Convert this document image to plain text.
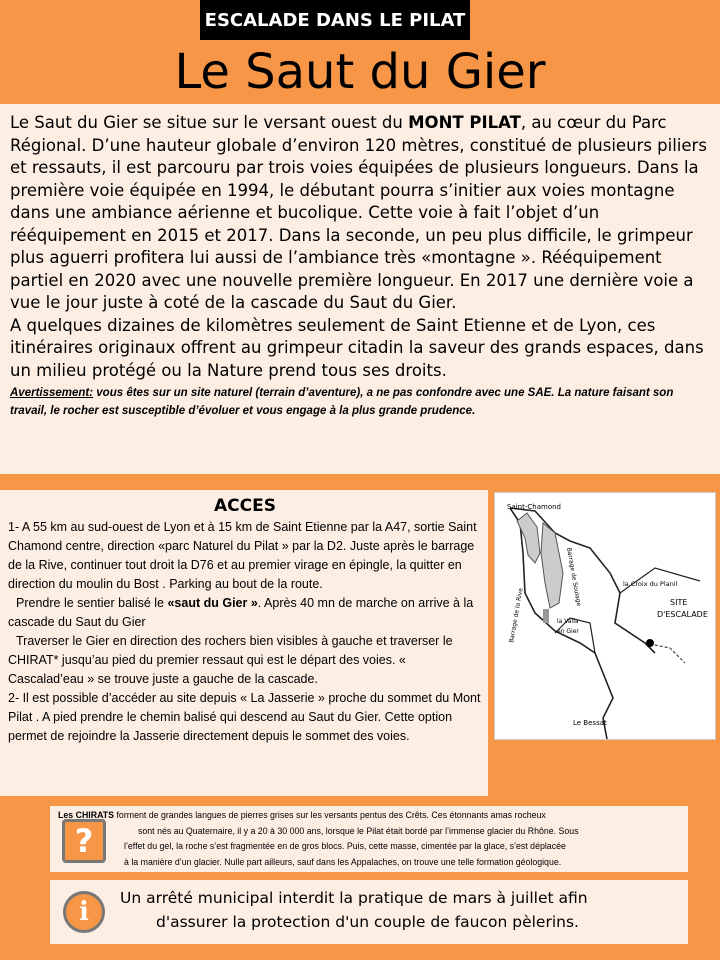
ESCALADE DANS LE PILAT
Le Saut du Gier

Le Saut du Gier se situe sur le versant ouest du MONT PILAT, au cœur du Parc Régional. D’une hauteur globale d’environ 120 mètres, constitué de plusieurs piliers et ressauts, il est parcouru par trois voies équipées de plusieurs longueurs. Dans la première voie équipée en 1994, le débutant pourra s’initier aux voies montagne dans une ambiance aérienne et bucolique. Cette voie à fait l’objet d’un rééquipement en 2015 et 2017. Dans la seconde, un peu plus difficile, le grimpeur plus aguerri profitera lui aussi de l’ambiance très «montagne ». Rééquipement partiel en 2020 avec une nouvelle première longueur. En 2017 une dernière voie a vue le jour juste à coté de la cascade du Saut du Gier.

A quelques dizaines de kilomètres seulement de Saint Etienne et de Lyon, ces itinéraires originaux offrent au grimpeur citadin la saveur des grands espaces, dans un milieu protégé ou la Nature prend tous ses droits.

Avertissement: vous êtes sur un site naturel (terrain d’aventure), a ne pas confondre avec une SAE. La nature faisant son travail, le rocher est susceptible d’évoluer et vous engage à la plus grande prudence.
ACCES

1- A 55 km au sud-ouest de Lyon et à 15 km de Saint Etienne par la A47, sortie Saint Chamond centre, direction «parc Naturel du Pilat » par la D2. Juste après le barrage de la Rive, continuer tout droit la D76 et au premier virage en épingle, la quitter en direction du moulin du Bost . Parking au bout de la route.

Prendre le sentier balisé le «saut du Gier ». Après 40 mn de marche on arrive à la cascade du Saut du Gier

Traverser le Gier en direction des rochers bien visibles à gauche et traverser le CHIRAT* jusqu’au pied du premier ressaut qui est le départ des voies. « Cascalad’eau » se trouve juste a gauche de la cascade.

2- Il est possible d’accéder au site depuis « La Jasserie » proche du sommet du Mont Pilat . A pied prendre le chemin balisé qui descend au Saut du Gier. Cette option permet de rejoindre la Jasserie directement depuis le sommet des voies.

Saint-Chamond
la Croix du Planil
SITE
D'ESCALADE
la Valla
en Gier
Barrage de la Rive
Barrage de Soulage
Le Bessat
?
Les CHIRATS forment de grandes langues de pierres grises sur les versants pentus des Crêts. Ces étonnants amas rocheux
sont nés au Quaternaire, il y a 20 à 30 000 ans, lorsque le Pilat était bordé par l’immense glacier du Rhône. Sous
l’effet du gel, la roche s’est fragmentée en de gros blocs. Puis, cette masse, cimentée par la glace, s’est déplacée
à la manière d’un glacier. Nulle part ailleurs, sauf dans les Appalaches, on trouve une telle formation géologique.
i Un arrêté municipal interdit la pratique de mars à juillet afin
d'assurer la protection d'un couple de faucon pèlerins.
